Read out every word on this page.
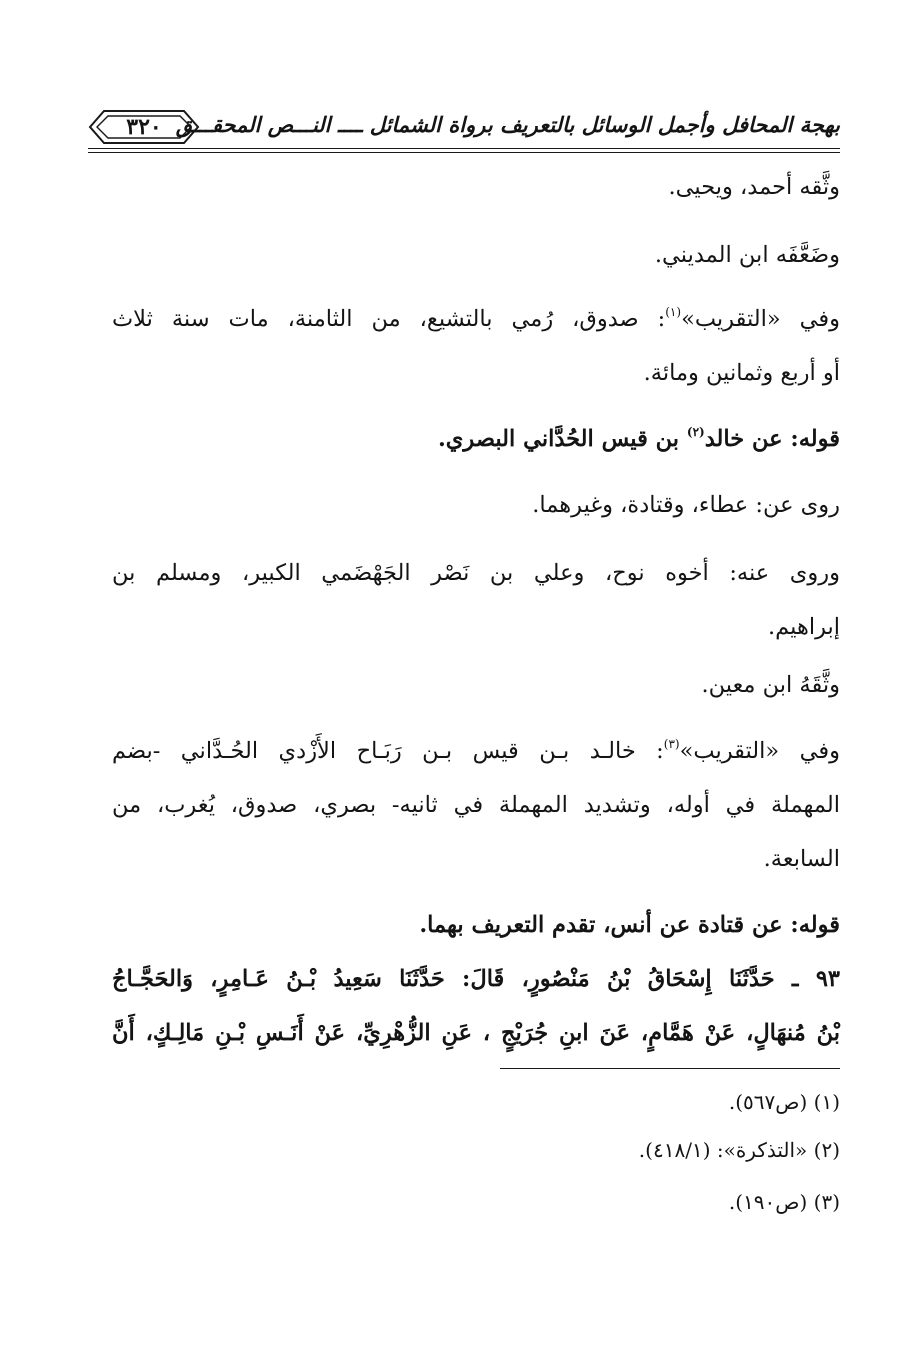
٣٢٠ بهجة المحافل وأجمل الوسائل بالتعريف برواة الشمائل ــــ النـــص المحقـــق
وثَّقه أحمد، ويحيى.
وضَعَّفَه ابن المديني.
وفي «التقريب»$^{(١)}$: صدوق، رُمي بالتشيع، من الثامنة، مات سنة ثلاث
أو أربع وثمانين ومائة.
قوله: عن خالد$^{(٢)}$ بن قيس الحُدَّاني البصري.
روى عن: عطاء، وقتادة، وغيرهما.
وروى عنه: أخوه نوح، وعلي بن نَصْر الجَهْضَمي الكبير، ومسلم بن
إبراهيم.
وثَّقَهُ ابن معين.
وفي «التقريب»$^{(٣)}$: خالـد بـن قيس بـن رَبَـاح الأَزْدي الحُـدَّاني -بضم
المهملة في أوله، وتشديد المهملة في ثانيه- بصري، صدوق، يُغرب، من
السابعة.
قوله: عن قتادة عن أنس، تقدم التعريف بهما.
٩٣ ـ حَدَّثَنَا إِسْحَاقُ بْنُ مَنْصُورٍ، قَالَ: حَدَّثَنَا سَعِيدُ بْـنُ عَـامِرٍ، وَالحَجَّـاجُ
بْنُ مُنهَالٍ، عَنْ هَمَّامٍ، عَنَ ابنِ جُرَيْجٍ ، عَنِ الزُّهْرِيِّ، عَنْ أَنَـسِ بْـنِ مَالِـكٍ، أَنَّ
(١) (ص٥٦٧).
(٢) «التذكرة»: (٤١٨/١).
(٣) (ص١٩٠).
